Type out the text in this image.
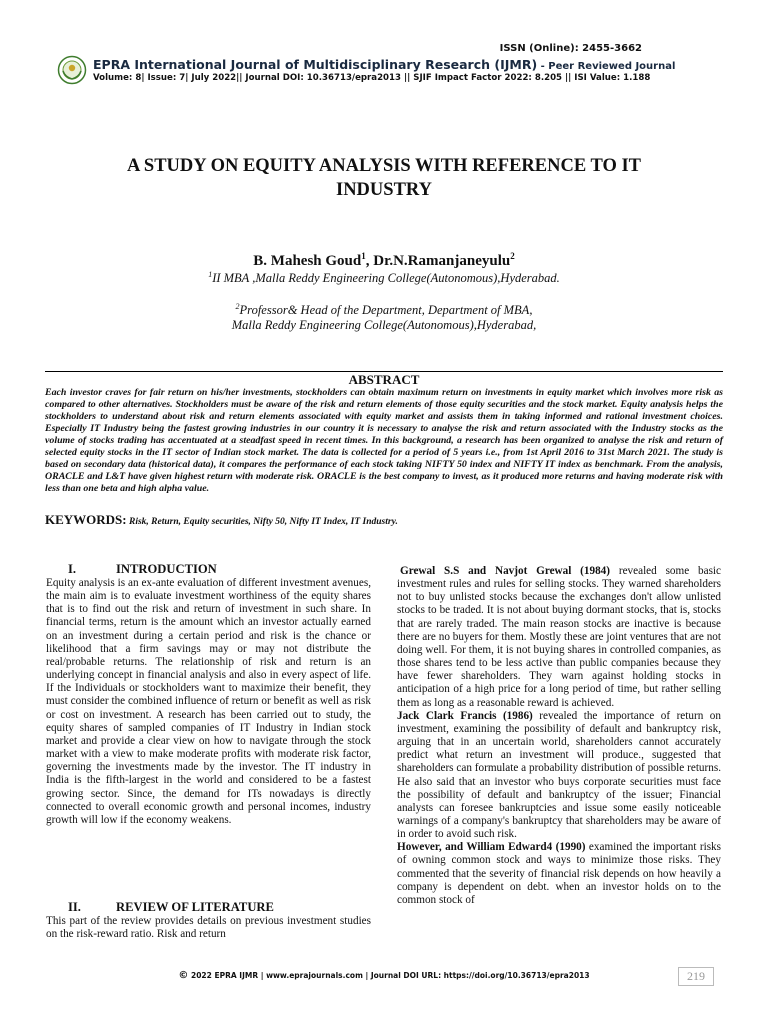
ISSN (Online): 2455-3662
EPRA International Journal of Multidisciplinary Research (IJMR) - Peer Reviewed Journal
Volume: 8| Issue: 7| July 2022|| Journal DOI: 10.36713/epra2013 || SJIF Impact Factor 2022: 8.205 || ISI Value: 1.188
A STUDY ON EQUITY ANALYSIS WITH REFERENCE TO IT
INDUSTRY
B. Mahesh Goud$^1$, Dr.N.Ramanjaneyulu$^2$
$^1$II MBA ,Malla Reddy Engineering College(Autonomous),Hyderabad.
$^2$Professor& Head of the Department, Department of MBA,
Malla Reddy Engineering College(Autonomous),Hyderabad,
ABSTRACT
Each investor craves for fair return on his/her investments, stockholders can obtain maximum return on investments in equity market which involves more risk as compared to other alternatives. Stockholders must be aware of the risk and return elements of those equity securities and the stock market. Equity analysis helps the stockholders to understand about risk and return elements associated with equity market and assists them in taking informed and rational investment choices. Especially IT Industry being the fastest growing industries in our country it is necessary to analyse the risk and return associated with the Industry stocks as the volume of stocks trading has accentuated at a steadfast speed in recent times. In this background, a research has been organized to analyse the risk and return of selected equity stocks in the IT sector of Indian stock market. The data is collected for a period of 5 years i.e., from 1st April 2016 to 31st March 2021. The study is based on secondary data (historical data), it compares the performance of each stock taking NIFTY 50 index and NIFTY IT index as benchmark. From the analysis, ORACLE and L&T have given highest return with moderate risk. ORACLE is the best company to invest, as it produced more returns and having moderate risk with less than one beta and high alpha value.
KEYWORDS: Risk, Return, Equity securities, Nifty 50, Nifty IT Index, IT Industry.
I.	INTRODUCTION

Equity analysis is an ex-ante evaluation of different investment avenues, the main aim is to evaluate investment worthiness of the equity shares that is to find out the risk and return of investment in such share. In financial terms, return is the amount which an investor actually earned on an investment during a certain period and risk is the chance or likelihood that a firm savings may or may not distribute the real/probable returns. The relationship of risk and return is an underlying concept in financial analysis and also in every aspect of life. If the Individuals or stockholders want to maximize their benefit, they must consider the combined influence of return or benefit as well as risk or cost on investment. A research has been carried out to study, the equity shares of sampled companies of IT Industry in Indian stock market and provide a clear view on how to navigate through the stock market with a view to make moderate profits with moderate risk factor, governing the investments made by the investor. The IT industry in India is the fifth-largest in the world and considered to be a fastest growing sector. Since, the demand for ITs nowadays is directly connected to overall economic growth and personal incomes, industry growth will low if the economy weakens.

II.	REVIEW OF LITERATURE

This part of the review provides details on previous investment studies on the risk-reward ratio. Risk and return

Grewal S.S and Navjot Grewal (1984) revealed some basic investment rules and rules for selling stocks. They warned shareholders not to buy unlisted stocks because the exchanges don't allow unlisted stocks to be traded. It is not about buying dormant stocks, that is, stocks that are rarely traded. The main reason stocks are inactive is because there are no buyers for them. Mostly these are joint ventures that are not doing well. For them, it is not buying shares in controlled companies, as those shares tend to be less active than public companies because they have fewer shareholders. They warn against holding stocks in anticipation of a high price for a long period of time, but rather selling them as long as a reasonable reward is achieved.

Jack Clark Francis (1986) revealed the importance of return on investment, examining the possibility of default and bankruptcy risk, arguing that in an uncertain world, shareholders cannot accurately predict what return an investment will produce., suggested that shareholders can formulate a probability distribution of possible returns. He also said that an investor who buys corporate securities must face the possibility of default and bankruptcy of the issuer; Financial analysts can foresee bankruptcies and issue some easily noticeable warnings of a company's bankruptcy that shareholders may be aware of in order to avoid such risk.

However, and William Edward4 (1990) examined the important risks of owning common stock and ways to minimize those risks. They commented that the severity of financial risk depends on how heavily a company is dependent on debt. when an investor holds on to the common stock of

© 2022 EPRA IJMR | www.eprajournals.com | Journal DOI URL: https://doi.org/10.36713/epra2013	219
